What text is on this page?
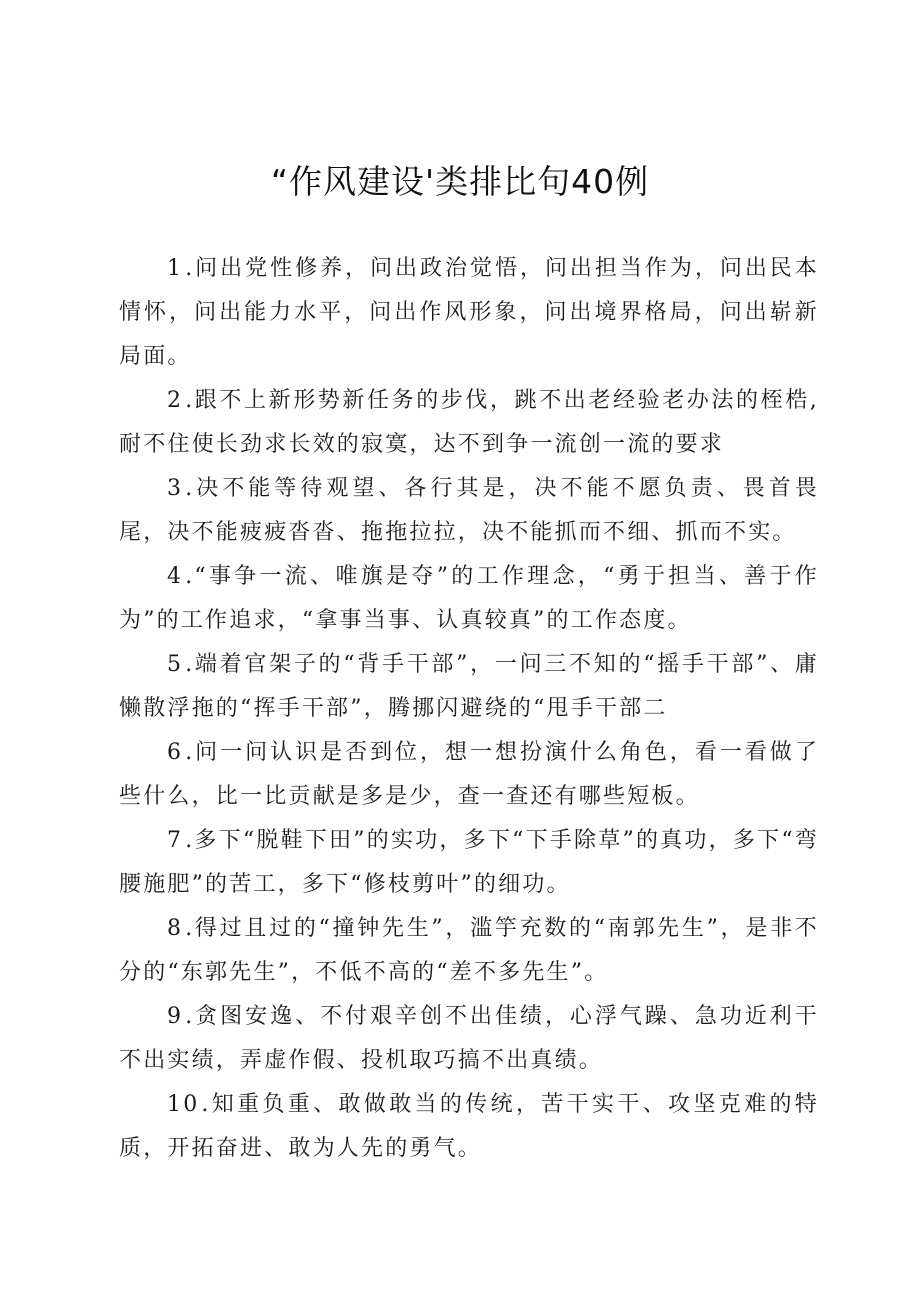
“作风建设'类排比句40例

1.问出党性修养，问出政治觉悟，问出担当作为，问出民本情怀，问出能力水平，问出作风形象，问出境界格局，问出崭新局面。

2.跟不上新形势新任务的步伐，跳不出老经验老办法的桎梏,耐不住使长劲求长效的寂寞，达不到争一流创一流的要求

3.决不能等待观望、各行其是，决不能不愿负责、畏首畏尾，决不能疲疲沓沓、拖拖拉拉，决不能抓而不细、抓而不实。

4.“事争一流、唯旗是夺”的工作理念，“勇于担当、善于作为”的工作追求，“拿事当事、认真较真”的工作态度。

5.端着官架子的“背手干部”，一问三不知的“摇手干部”、庸懒散浮拖的“挥手干部”，腾挪闪避绕的“甩手干部二

6.问一问认识是否到位，想一想扮演什么角色，看一看做了些什么，比一比贡献是多是少，查一查还有哪些短板。

7.多下“脱鞋下田”的实功，多下“下手除草”的真功，多下“弯腰施肥”的苦工，多下“修枝剪叶”的细功。

8.得过且过的“撞钟先生”，滥竽充数的“南郭先生”，是非不分的“东郭先生”，不低不高的“差不多先生”。

9.贪图安逸、不付艰辛创不出佳绩，心浮气躁、急功近利干不出实绩，弄虚作假、投机取巧搞不出真绩。

10.知重负重、敢做敢当的传统，苦干实干、攻坚克难的特质，开拓奋进、敢为人先的勇气。
